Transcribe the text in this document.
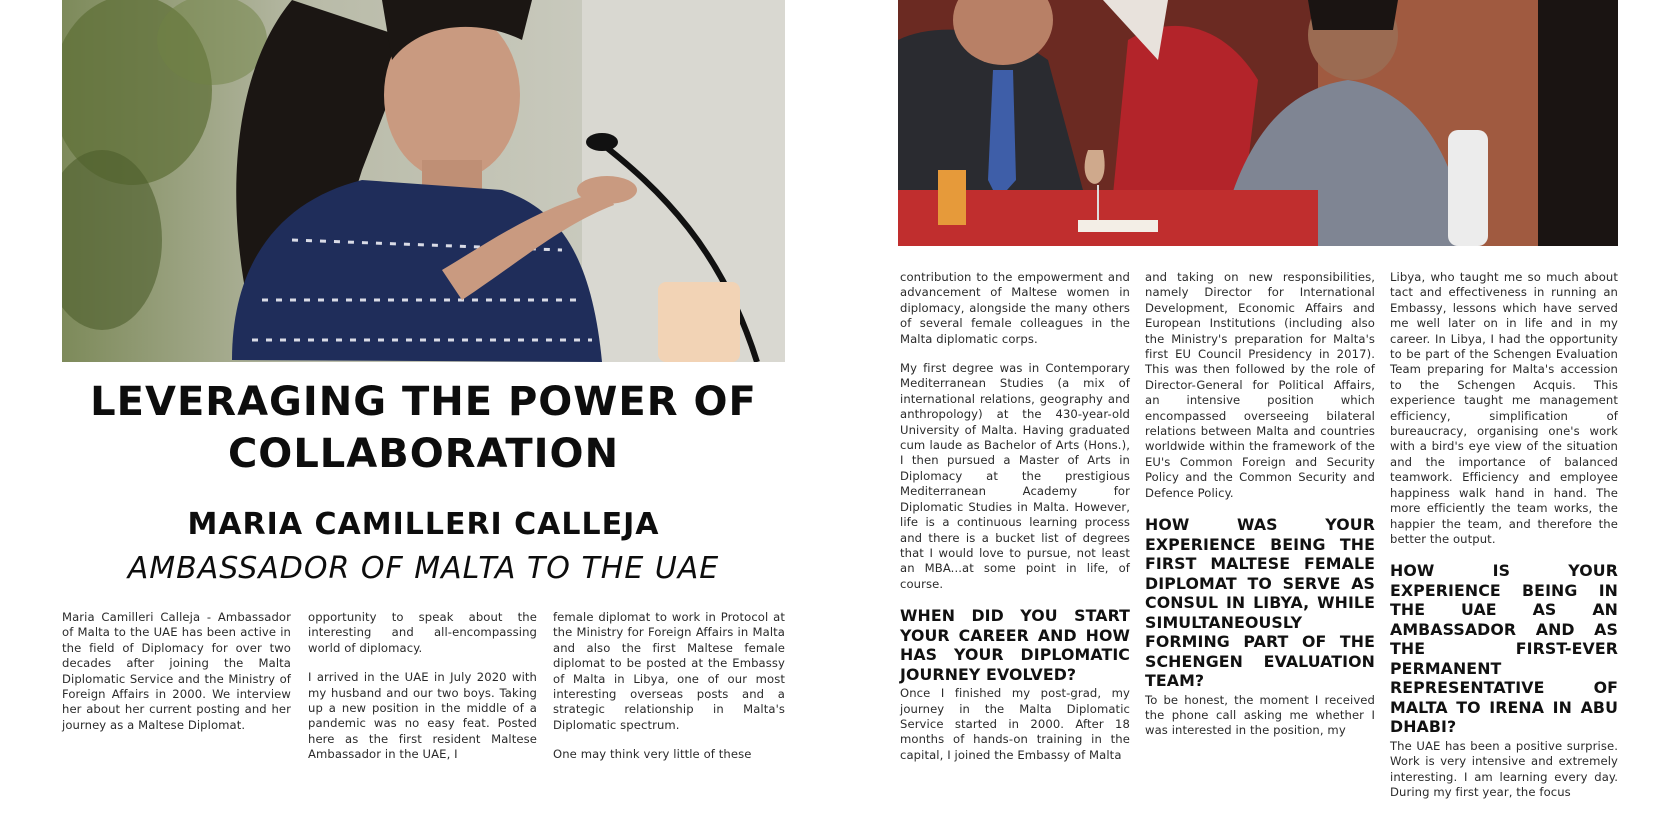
LEVERAGING THE POWER OF
COLLABORATION
MARIA CAMILLERI CALLEJA
AMBASSADOR OF MALTA TO THE UAE

Maria Camilleri Calleja - Ambassador of Malta to the UAE has been active in the field of Diplomacy for over two decades after joining the Malta Diplomatic Service and the Ministry of Foreign Affairs in 2000. We interview her about her current posting and her journey as a Maltese Diplomat.

opportunity to speak about the interesting and all-encompassing world of diplomacy.

I arrived in the UAE in July 2020 with my husband and our two boys. Taking up a new position in the middle of a pandemic was no easy feat. Posted here as the first resident Maltese Ambassador in the UAE, I

female diplomat to work in Protocol at the Ministry for Foreign Affairs in Malta and also the first Maltese female diplomat to be posted at the Embassy of Malta in Libya, one of our most interesting overseas posts and a strategic relationship in Malta's Diplomatic spectrum.

One may think very little of these

contribution to the empowerment and advancement of Maltese women in diplomacy, alongside the many others of several female colleagues in the Malta diplomatic corps.

My first degree was in Contemporary Mediterranean Studies (a mix of international relations, geography and anthropology) at the 430-year-old University of Malta. Having graduated cum laude as Bachelor of Arts (Hons.), I then pursued a Master of Arts in Diplomacy at the prestigious Mediterranean Academy for Diplomatic Studies in Malta. However, life is a continuous learning process and there is a bucket list of degrees that I would love to pursue, not least an MBA...at some point in life, of course.

WHEN DID YOU START YOUR CAREER AND HOW HAS YOUR DIPLOMATIC JOURNEY EVOLVED?

Once I finished my post-grad, my journey in the Malta Diplomatic Service started in 2000. After 18 months of hands-on training in the capital, I joined the Embassy of Malta

and taking on new responsibilities, namely Director for International Development, Economic Affairs and European Institutions (including also the Ministry's preparation for Malta's first EU Council Presidency in 2017). This was then followed by the role of Director-General for Political Affairs, an intensive position which encompassed overseeing bilateral relations between Malta and countries worldwide within the framework of the EU's Common Foreign and Security Policy and the Common Security and Defence Policy.

HOW WAS YOUR EXPERIENCE BEING THE FIRST MALTESE FEMALE DIPLOMAT TO SERVE AS CONSUL IN LIBYA, WHILE SIMULTANEOUSLY FORMING PART OF THE SCHENGEN EVALUATION TEAM?

To be honest, the moment I received the phone call asking me whether I was interested in the position, my

Libya, who taught me so much about tact and effectiveness in running an Embassy, lessons which have served me well later on in life and in my career. In Libya, I had the opportunity to be part of the Schengen Evaluation Team preparing for Malta's accession to the Schengen Acquis. This experience taught me management efficiency, simplification of bureaucracy, organising one's work with a bird's eye view of the situation and the importance of balanced teamwork. Efficiency and employee happiness walk hand in hand. The more efficiently the team works, the happier the team, and therefore the better the output.

HOW IS YOUR EXPERIENCE BEING IN THE UAE AS AN AMBASSADOR AND AS THE FIRST-EVER PERMANENT REPRESENTATIVE OF MALTA TO IRENA IN ABU DHABI?

The UAE has been a positive surprise. Work is very intensive and extremely interesting. I am learning every day. During my first year, the focus
